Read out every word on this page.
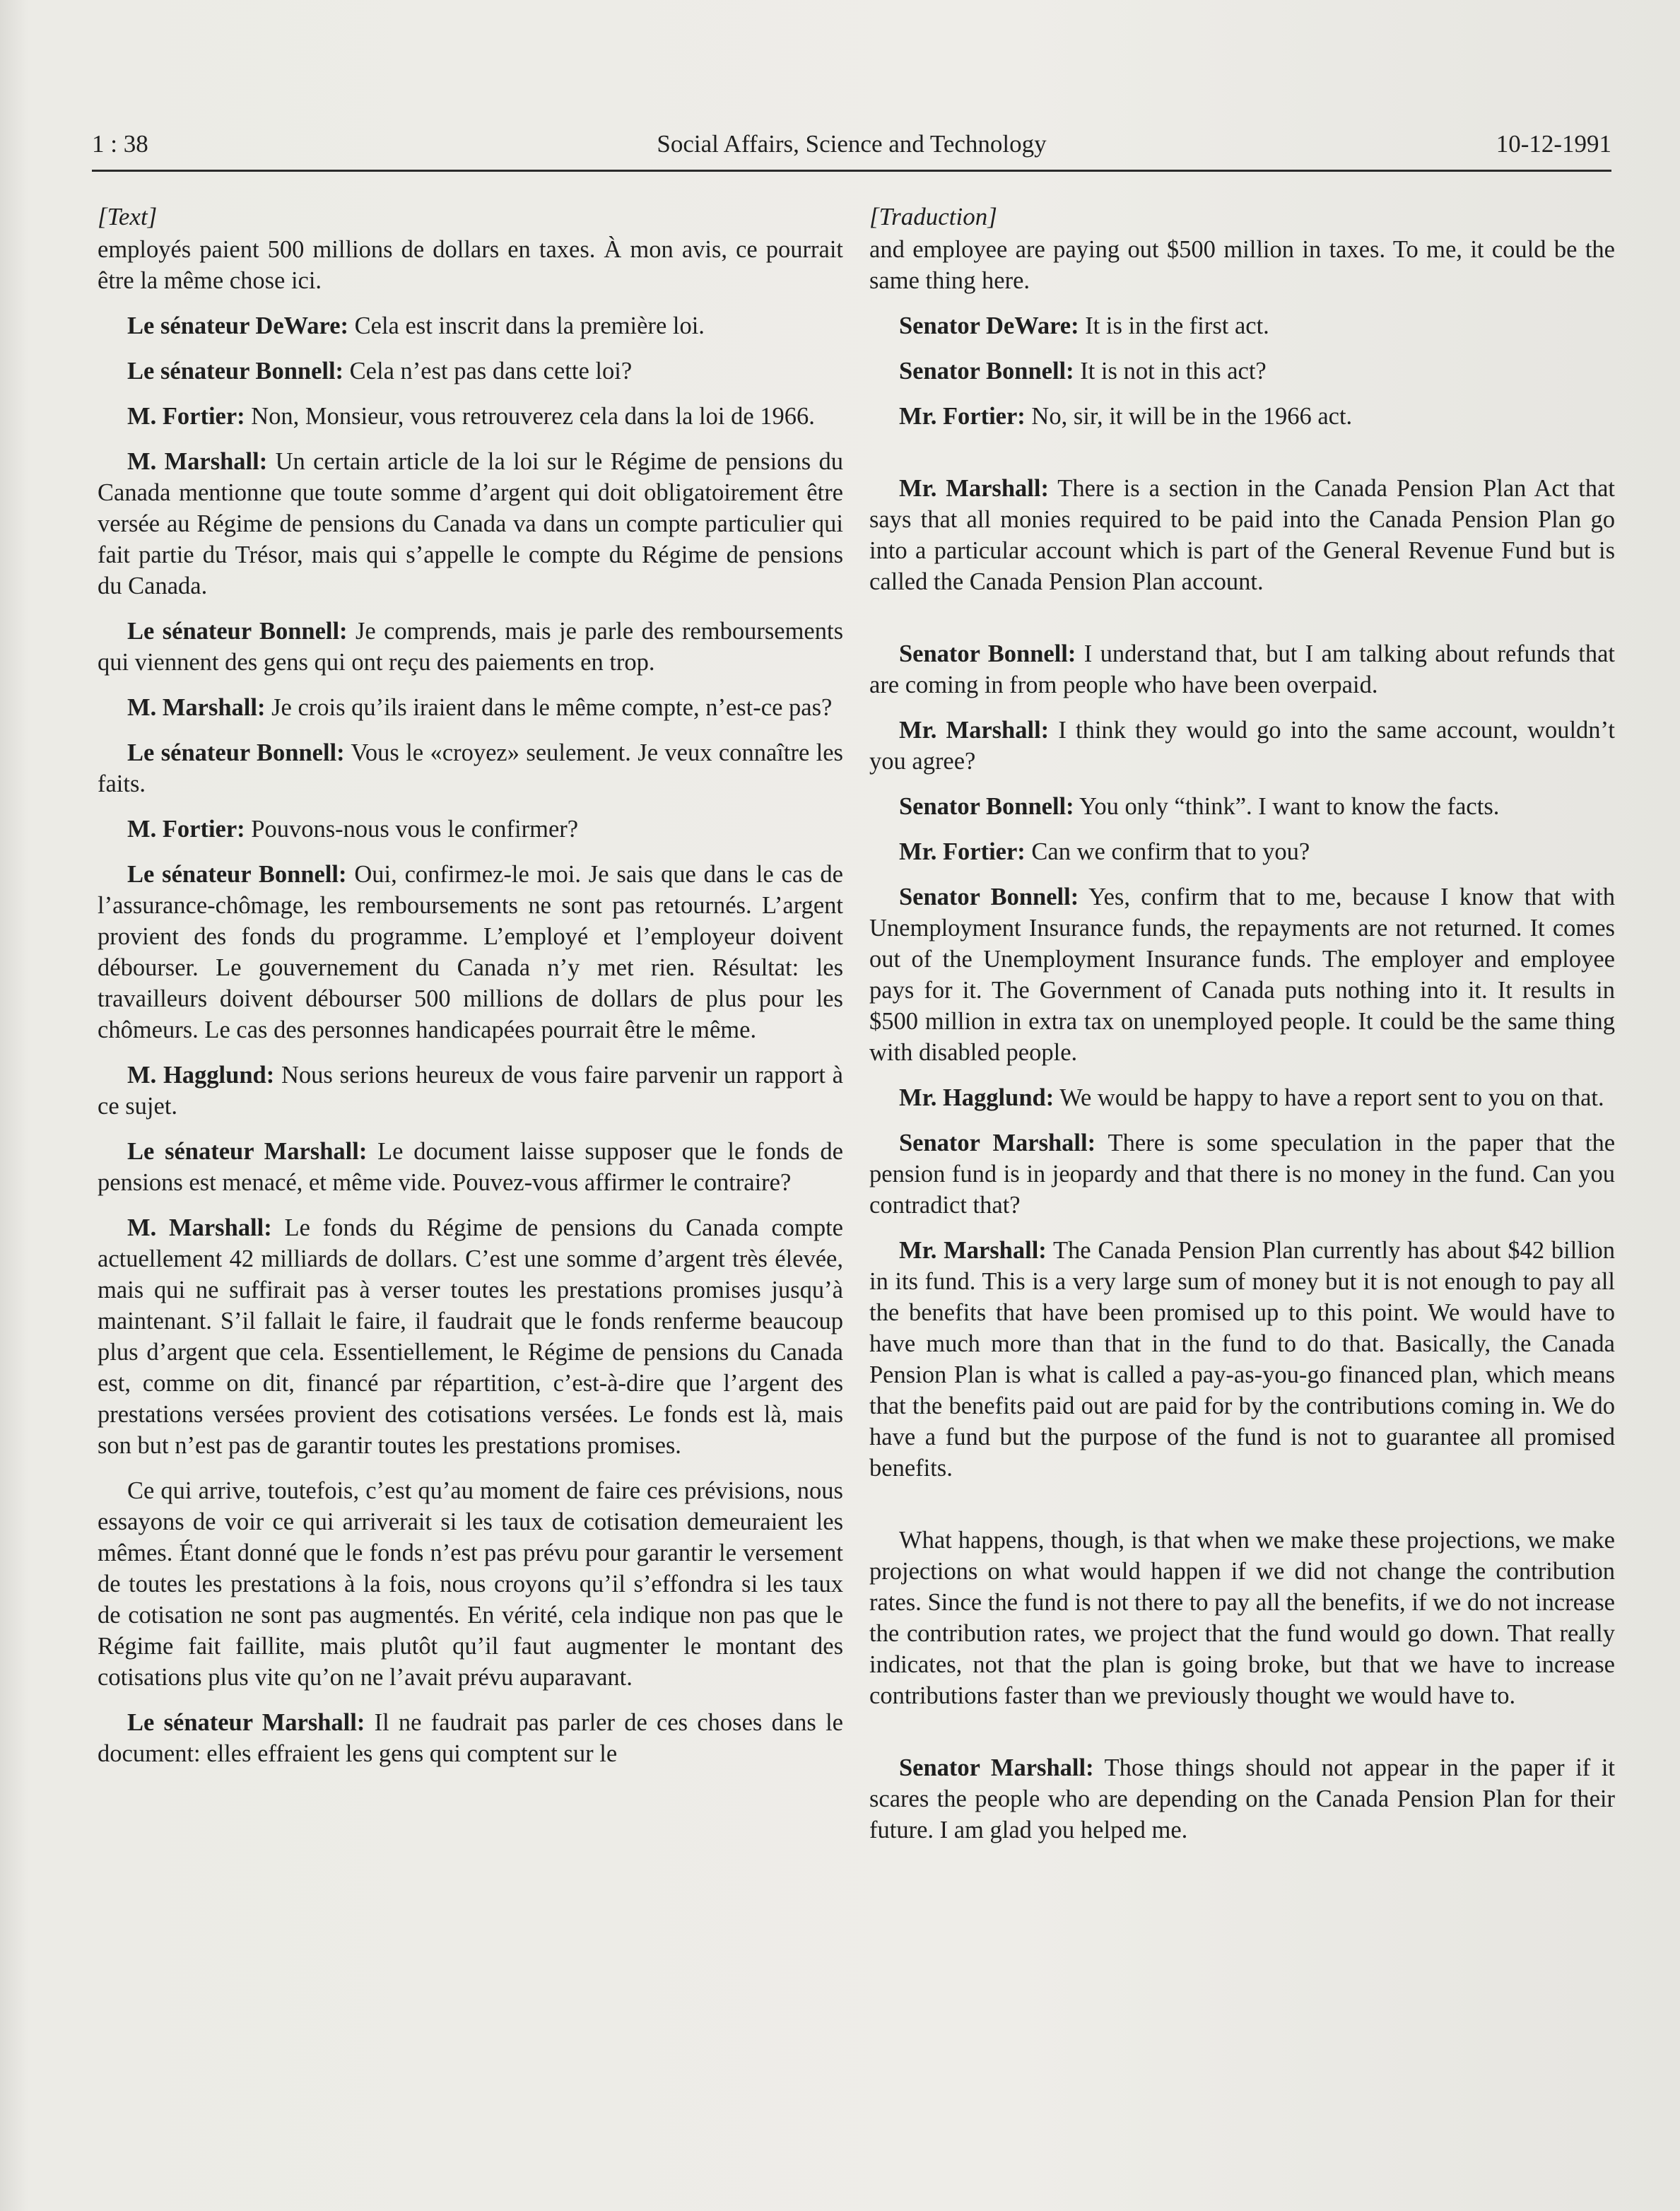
1 : 38	Social Affairs, Science and Technology	10-12-1991

[Text]

employés paient 500 millions de dollars en taxes. À mon avis, ce pourrait être la même chose ici.

Le sénateur DeWare: Cela est inscrit dans la première loi.

Le sénateur Bonnell: Cela n’est pas dans cette loi?

M. Fortier: Non, Monsieur, vous retrouverez cela dans la loi de 1966.

M. Marshall: Un certain article de la loi sur le Régime de pensions du Canada mentionne que toute somme d’argent qui doit obligatoirement être versée au Régime de pensions du Canada va dans un compte particulier qui fait partie du Trésor, mais qui s’appelle le compte du Régime de pensions du Canada.

Le sénateur Bonnell: Je comprends, mais je parle des remboursements qui viennent des gens qui ont reçu des paiements en trop.

M. Marshall: Je crois qu’ils iraient dans le même compte, n’est-ce pas?

Le sénateur Bonnell: Vous le «croyez» seulement. Je veux connaître les faits.

M. Fortier: Pouvons-nous vous le confirmer?

Le sénateur Bonnell: Oui, confirmez-le moi. Je sais que dans le cas de l’assurance-chômage, les remboursements ne sont pas retournés. L’argent provient des fonds du programme. L’employé et l’employeur doivent débourser. Le gouvernement du Canada n’y met rien. Résultat: les travailleurs doivent débourser 500 millions de dollars de plus pour les chômeurs. Le cas des personnes handicapées pourrait être le même.

M. Hagglund: Nous serions heureux de vous faire parvenir un rapport à ce sujet.

Le sénateur Marshall: Le document laisse supposer que le fonds de pensions est menacé, et même vide. Pouvez-vous affirmer le contraire?

M. Marshall: Le fonds du Régime de pensions du Canada compte actuellement 42 milliards de dollars. C’est une somme d’argent très élevée, mais qui ne suffirait pas à verser toutes les prestations promises jusqu’à maintenant. S’il fallait le faire, il faudrait que le fonds renferme beaucoup plus d’argent que cela. Essentiellement, le Régime de pensions du Canada est, comme on dit, financé par répartition, c’est-à-dire que l’argent des prestations versées provient des cotisations versées. Le fonds est là, mais son but n’est pas de garantir toutes les prestations promises.

Ce qui arrive, toutefois, c’est qu’au moment de faire ces prévisions, nous essayons de voir ce qui arriverait si les taux de cotisation demeuraient les mêmes. Étant donné que le fonds n’est pas prévu pour garantir le versement de toutes les prestations à la fois, nous croyons qu’il s’effondra si les taux de cotisation ne sont pas augmentés. En vérité, cela indique non pas que le Régime fait faillite, mais plutôt qu’il faut augmenter le montant des cotisations plus vite qu’on ne l’avait prévu auparavant.

Le sénateur Marshall: Il ne faudrait pas parler de ces choses dans le document: elles effraient les gens qui comptent sur le

[Traduction]

and employee are paying out $500 million in taxes. To me, it could be the same thing here.

Senator DeWare: It is in the first act.

Senator Bonnell: It is not in this act?

Mr. Fortier: No, sir, it will be in the 1966 act.

Mr. Marshall: There is a section in the Canada Pension Plan Act that says that all monies required to be paid into the Canada Pension Plan go into a particular account which is part of the General Revenue Fund but is called the Canada Pension Plan account.

Senator Bonnell: I understand that, but I am talking about refunds that are coming in from people who have been overpaid.

Mr. Marshall: I think they would go into the same account, wouldn’t you agree?

Senator Bonnell: You only “think”. I want to know the facts.

Mr. Fortier: Can we confirm that to you?

Senator Bonnell: Yes, confirm that to me, because I know that with Unemployment Insurance funds, the repayments are not returned. It comes out of the Unemployment Insurance funds. The employer and employee pays for it. The Government of Canada puts nothing into it. It results in $500 million in extra tax on unemployed people. It could be the same thing with disabled people.

Mr. Hagglund: We would be happy to have a report sent to you on that.

Senator Marshall: There is some speculation in the paper that the pension fund is in jeopardy and that there is no money in the fund. Can you contradict that?

Mr. Marshall: The Canada Pension Plan currently has about $42 billion in its fund. This is a very large sum of money but it is not enough to pay all the benefits that have been promised up to this point. We would have to have much more than that in the fund to do that. Basically, the Canada Pension Plan is what is called a pay-as-you-go financed plan, which means that the benefits paid out are paid for by the contributions coming in. We do have a fund but the purpose of the fund is not to guarantee all promised benefits.

What happens, though, is that when we make these projections, we make projections on what would happen if we did not change the contribution rates. Since the fund is not there to pay all the benefits, if we do not increase the contribution rates, we project that the fund would go down. That really indicates, not that the plan is going broke, but that we have to increase contributions faster than we previously thought we would have to.

Senator Marshall: Those things should not appear in the paper if it scares the people who are depending on the Canada Pension Plan for their future. I am glad you helped me.
